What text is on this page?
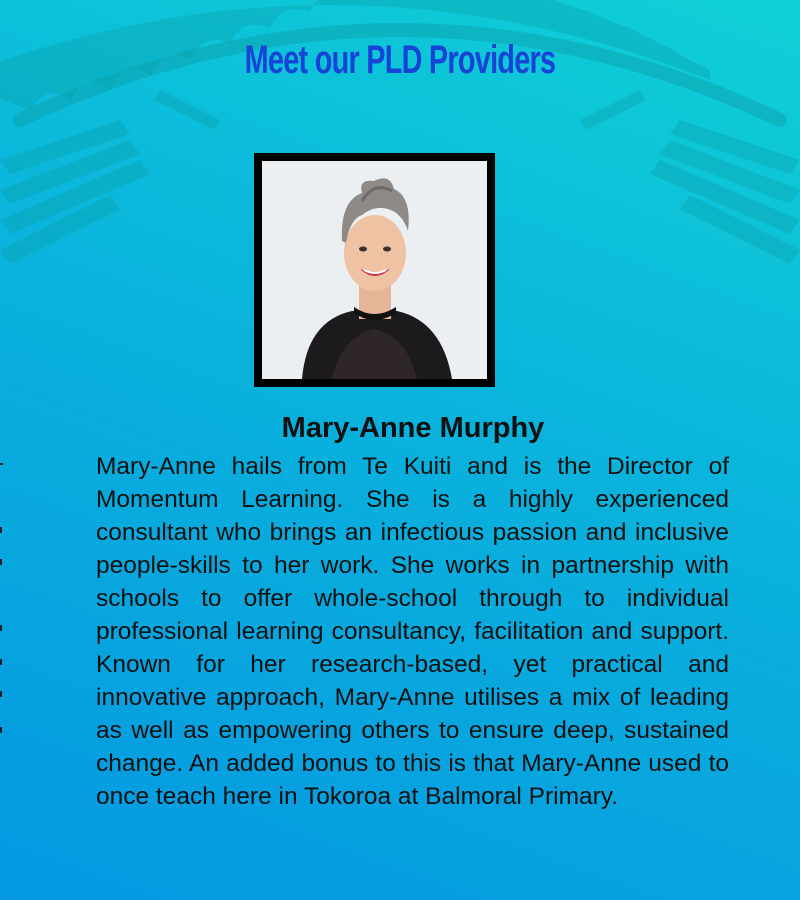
Meet our PLD Providers
Mary-Anne Murphy

Mary-Anne hails from Te Kuiti and is the Director of Momentum Learning. She is a highly experienced consultant who brings an infectious passion and inclusive people-skills to her work. She works in partnership with schools to offer whole-school through to individual professional learning consultancy, facilitation and support. Known for her research-based, yet practical and innovative approach, Mary-Anne utilises a mix of leading as well as empowering others to ensure deep, sustained change. An added bonus to this is that Mary-Anne used to once teach here in Tokoroa at Balmoral Primary.
